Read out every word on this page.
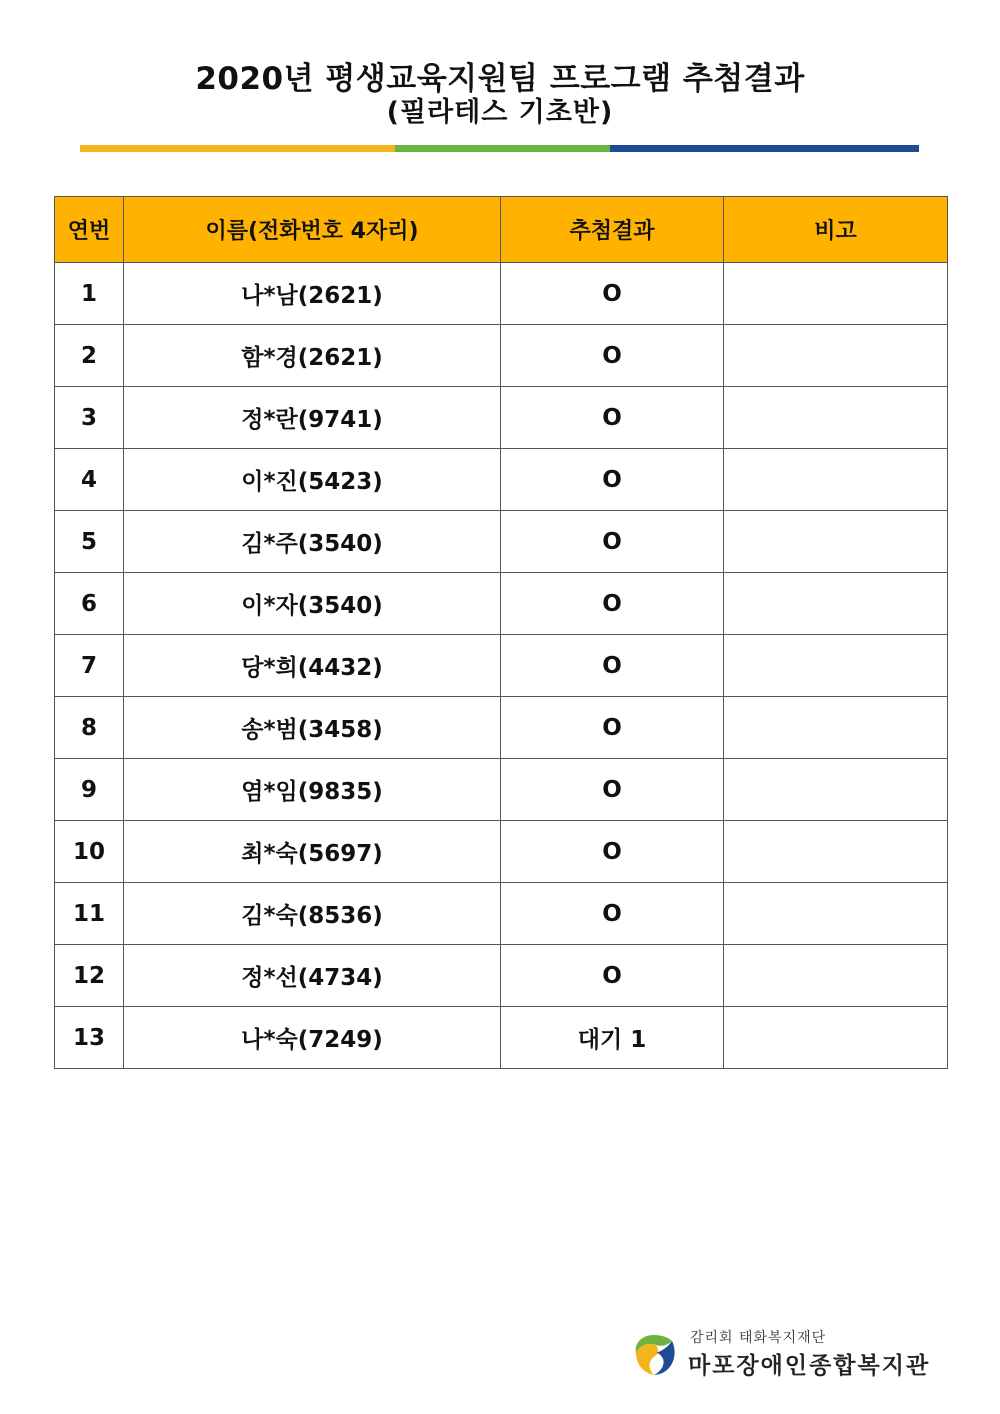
2020년 평생교육지원팀 프로그램 추첨결과
(필라테스 기초반)
연번	이름(전화번호 4자리)	추첨결과	비고
1	나*남(2621)	O	
2	함*경(2621)	O	
3	정*란(9741)	O	
4	이*진(5423)	O	
5	김*주(3540)	O	
6	이*자(3540)	O	
7	당*희(4432)	O	
8	송*범(3458)	O	
9	염*임(9835)	O	
10	최*숙(5697)	O	
11	김*숙(8536)	O	
12	정*선(4734)	O	
13	나*숙(7249)	대기 1	
감리회 태화복지재단
마포장애인종합복지관
